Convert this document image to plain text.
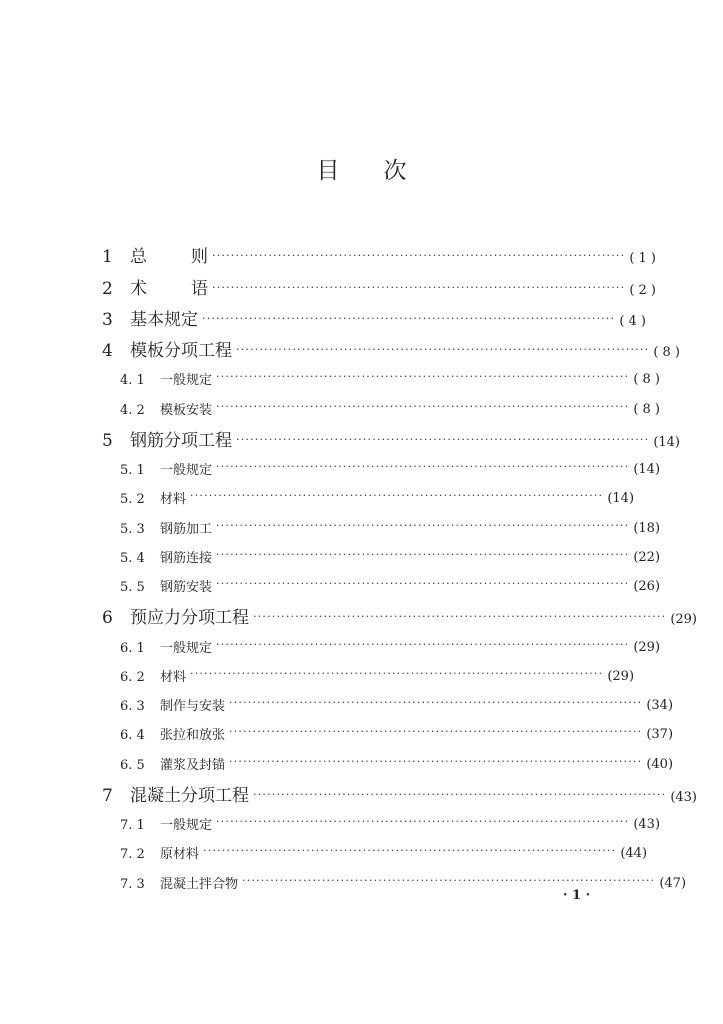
目 次
1	总	则 ························································································ ( 1 )
2	术	语 ························································································ ( 2 )
3	基本规定 ························································································ ( 4 )
4	模板分项工程 ························································································ ( 8 )
4. 1	一般规定 ························································································ ( 8 )
4. 2	模板安装 ························································································ ( 8 )
5	钢筋分项工程 ························································································ (14)
5. 1	一般规定 ························································································ (14)
5. 2	材料 ························································································ (14)
5. 3	钢筋加工 ························································································ (18)
5. 4	钢筋连接 ························································································ (22)
5. 5	钢筋安装 ························································································ (26)
6	预应力分项工程 ························································································ (29)
6. 1	一般规定 ························································································ (29)
6. 2	材料 ························································································ (29)
6. 3	制作与安装 ························································································ (34)
6. 4	张拉和放张 ························································································ (37)
6. 5	灌浆及封锚 ························································································ (40)
7	混凝土分项工程 ························································································ (43)
7. 1	一般规定 ························································································ (43)
7. 2	原材料 ························································································ (44)
7. 3	混凝土拌合物 ························································································ (47)
· 1 ·
